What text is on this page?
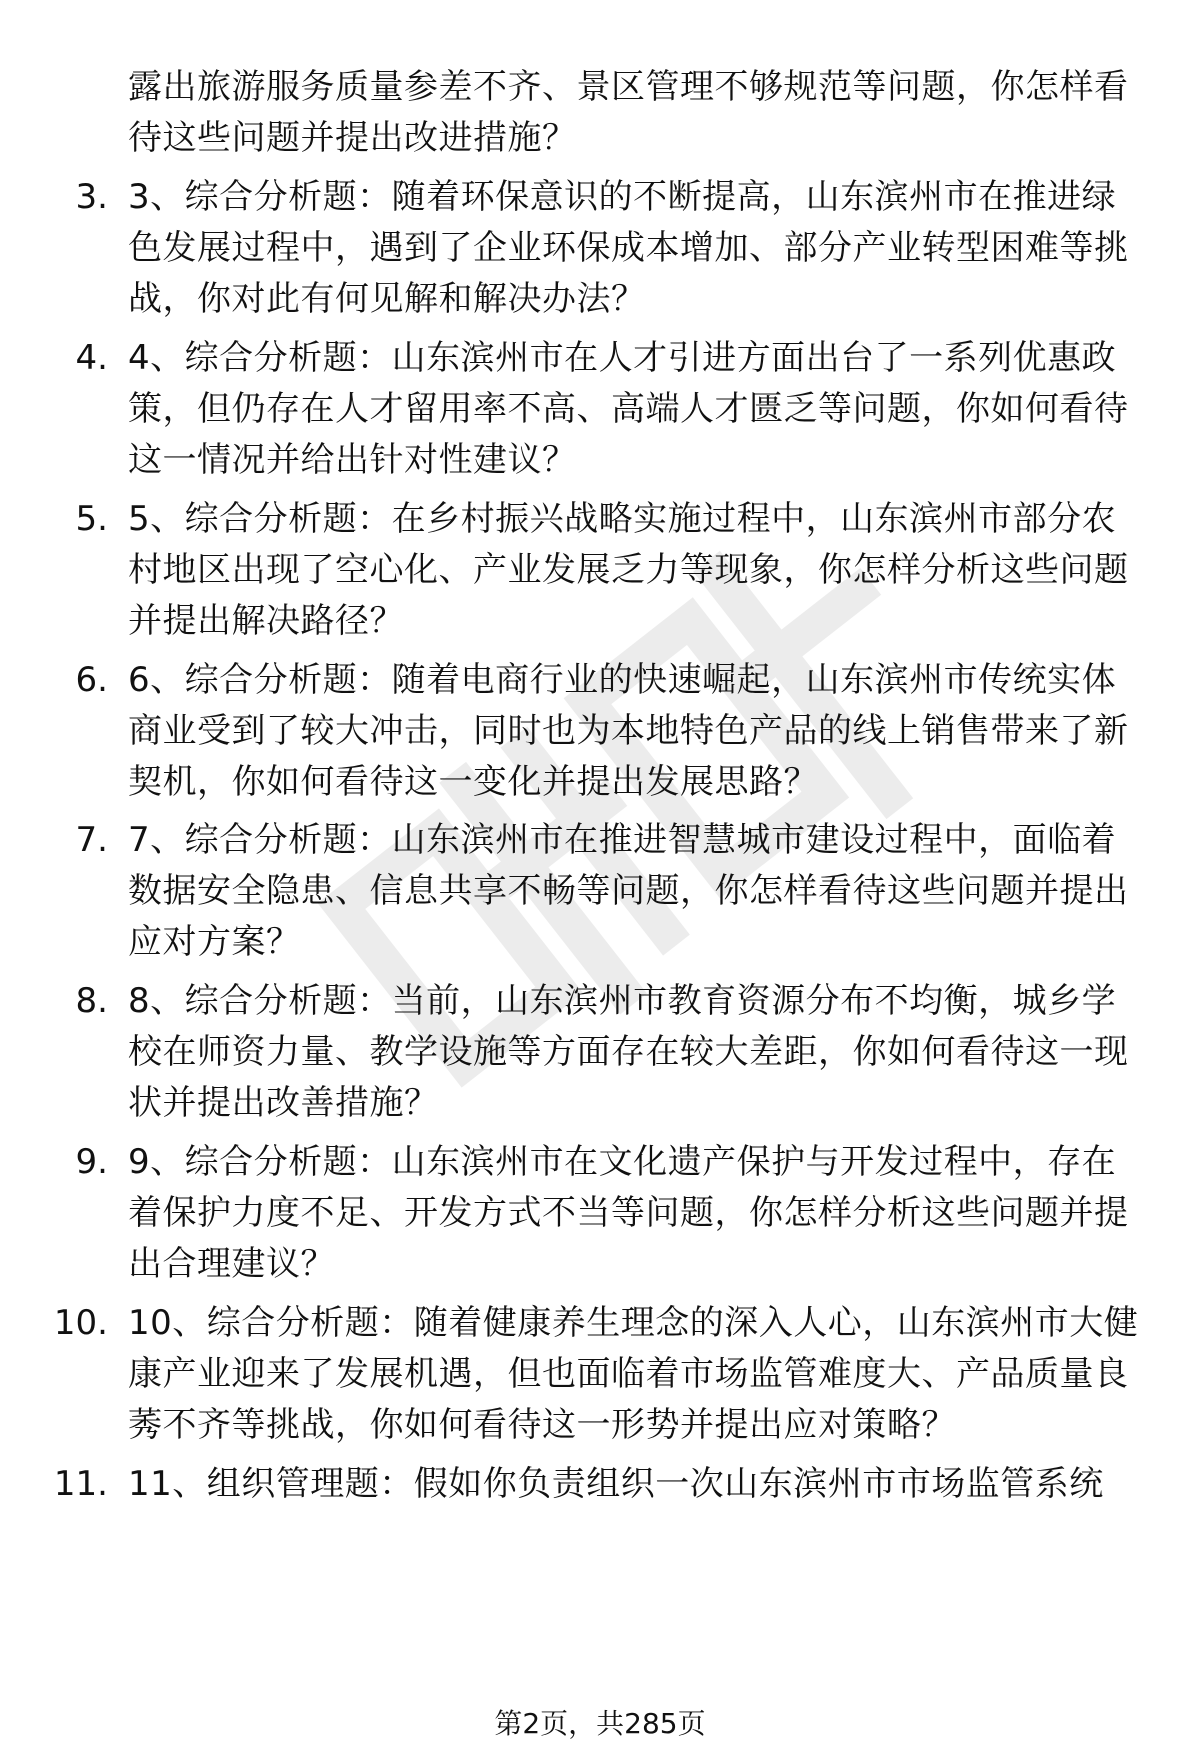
露出旅游服务质量参差不齐、景区管理不够规范等问题，你怎样看待这些问题并提出改进措施？
3. 3、综合分析题：随着环保意识的不断提高，山东滨州市在推进绿色发展过程中，遇到了企业环保成本增加、部分产业转型困难等挑战，你对此有何见解和解决办法？
4. 4、综合分析题：山东滨州市在人才引进方面出台了一系列优惠政策，但仍存在人才留用率不高、高端人才匮乏等问题，你如何看待这一情况并给出针对性建议？
5. 5、综合分析题：在乡村振兴战略实施过程中，山东滨州市部分农村地区出现了空心化、产业发展乏力等现象，你怎样分析这些问题并提出解决路径？
6. 6、综合分析题：随着电商行业的快速崛起，山东滨州市传统实体商业受到了较大冲击，同时也为本地特色产品的线上销售带来了新契机，你如何看待这一变化并提出发展思路？
7. 7、综合分析题：山东滨州市在推进智慧城市建设过程中，面临着数据安全隐患、信息共享不畅等问题，你怎样看待这些问题并提出应对方案？
8. 8、综合分析题：当前，山东滨州市教育资源分布不均衡，城乡学校在师资力量、教学设施等方面存在较大差距，你如何看待这一现状并提出改善措施？
9. 9、综合分析题：山东滨州市在文化遗产保护与开发过程中，存在着保护力度不足、开发方式不当等问题，你怎样分析这些问题并提出合理建议？
10. 10、综合分析题：随着健康养生理念的深入人心，山东滨州市大健康产业迎来了发展机遇，但也面临着市场监管难度大、产品质量良莠不齐等挑战，你如何看待这一形势并提出应对策略？
11. 11、组织管理题：假如你负责组织一次山东滨州市市场监管系统
第2页，共285页
